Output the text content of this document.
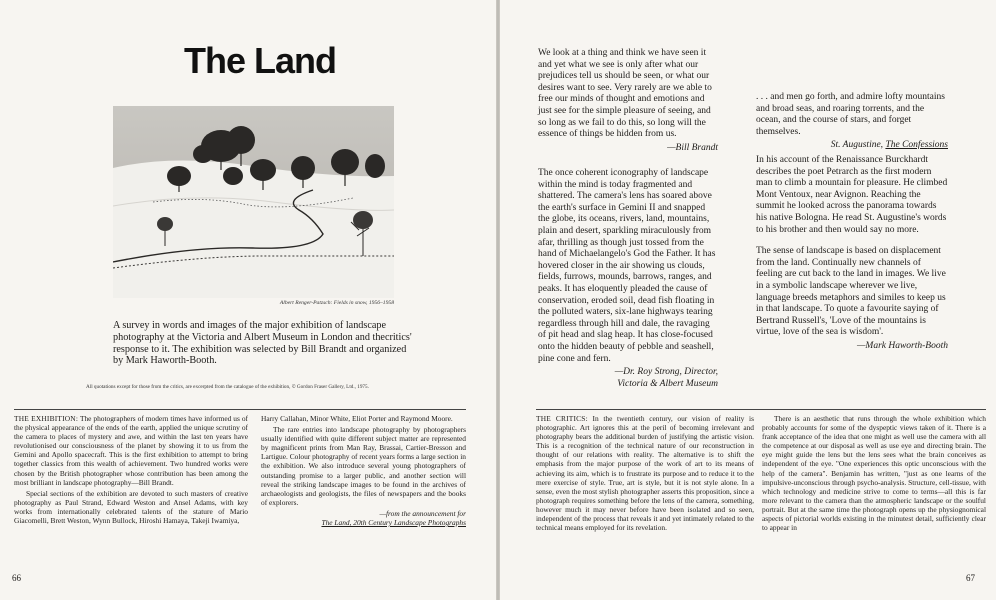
The Land
Albert Renger-Patzsch: Fields in snow, 1956–1958

A survey in words and images of the major exhibition of landscape photography at the Victoria and Albert Museum in London and thecritics' response to it. The exhibition was selected by Bill Brandt and organized by Mark Haworth-Booth.

All quotations except for those from the critics, are excerpted from the catalogue of the exhibition, © Gordon Fraser Gallery, Ltd., 1975.

THE EXHIBITION: The photographers of modern times have informed us of the physical appearance of the ends of the earth, applied the unique scrutiny of the camera to places of mystery and awe, and within the last ten years have revolutionised our consciousness of the planet by showing it to us from the Gemini and Apollo spacecraft. This is the first exhibition to attempt to bring together classics from this wealth of achievement. Two hundred works were chosen by the British photographer whose contribution has been among the most brilliant in landscape photography—Bill Brandt.

Special sections of the exhibition are devoted to such masters of creative photography as Paul Strand, Edward Weston and Ansel Adams, with key works from internationally celebrated talents of the stature of Mario Giacomelli, Brett Weston, Wynn Bullock, Hiroshi Hamaya, Takeji Iwamiya,

Harry Callahan, Minor White, Eliot Porter and Raymond Moore.

The rare entries into landscape photography by photographers usually identified with quite different subject matter are represented by magnificent prints from Man Ray, Brassai, Cartier-Bresson and Lartigue. Colour photography of recent years forms a large section in the exhibition. We also introduce several young photographers of outstanding promise to a larger public, and another section will reveal the striking landscape images to be found in the archives of archaeologists and geologists, the files of newspapers and the books of explorers.

—from the announcement for
The Land, 20th Century Landscape Photographs

66

We look at a thing and think we have seen it and yet what we see is only after what our prejudices tell us should be seen, or what our desires want to see. Very rarely are we able to free our minds of thought and emotions and just see for the simple pleasure of seeing, and so long as we fail to do this, so long will the essence of things be hidden from us.

—Bill Brandt

The once coherent iconography of landscape within the mind is today fragmented and shattered. The camera's lens has soared above the earth's surface in Gemini II and snapped the globe, its oceans, rivers, land, mountains, plain and desert, sparkling miraculously from afar, thrilling as though just tossed from the hand of Michaelangelo's God the Father. It has hovered closer in the air showing us clouds, fields, furrows, mounds, barrows, ranges, and peaks. It has eloquently pleaded the cause of conservation, eroded soil, dead fish floating in the polluted waters, six-lane highways tearing regardless through hill and dale, the ravaging of pit head and slag heap. It has close-focused onto the hidden beauty of pebble and seashell, pine cone and fern.

—Dr. Roy Strong, Director,
Victoria & Albert Museum

. . . and men go forth, and admire lofty mountains and broad seas, and roaring torrents, and the ocean, and the course of stars, and forget themselves.

St. Augustine, The Confessions

In his account of the Renaissance Burckhardt describes the poet Petrarch as the first modern man to climb a mountain for pleasure. He climbed Mont Ventoux, near Avignon. Reaching the summit he looked across the panorama towards his native Bologna. He read St. Augustine's words to his brother and then would say no more.

The sense of landscape is based on displacement from the land. Continually new channels of feeling are cut back to the land in images. We live in a symbolic landscape wherever we live, language breeds metaphors and similes to keep us in that landscape. To quote a favourite saying of Bertrand Russell's, 'Love of the mountains is virtue, love of the sea is wisdom'.

—Mark Haworth-Booth

THE CRITICS: In the twentieth century, our vision of reality is photographic. Art ignores this at the peril of becoming irrelevant and photography bears the additional burden of justifying the artistic vision. This is a recognition of the technical nature of our reconstruction in thought of our relations with reality. The alternative is to shift the emphasis from the major purpose of the work of art to its means of achieving its aim, which is to frustrate its purpose and to reduce it to the mere exercise of style. True, art is style, but it is not style alone. In a sense, even the most stylish photographer asserts this proposition, since a photograph requires something before the lens of the camera, something, however much it may never before have been isolated and so seen, independent of the process that reveals it and yet intimately related to the technical means employed for its revelation.

There is an aesthetic that runs through the whole exhibition which probably accounts for some of the dyspeptic views taken of it. There is a frank acceptance of the idea that one might as well use the camera with all the competence at our disposal as well as use eye and directing brain. The eye might guide the lens but the lens sees what the brain conceives as independent of the eye. "One experiences this optic unconscious with the help of the camera". Benjamin has written, "just as one learns of the impulsive-unconscious through psycho-analysis. Structure, cell-tissue, with which technology and medicine strive to come to terms—all this is far more relevant to the camera than the atmospheric landscape or the soulful portrait. But at the same time the photograph opens up the physiognomical aspects of pictorial worlds existing in the minutest detail, sufficiently clear to appear in

67
